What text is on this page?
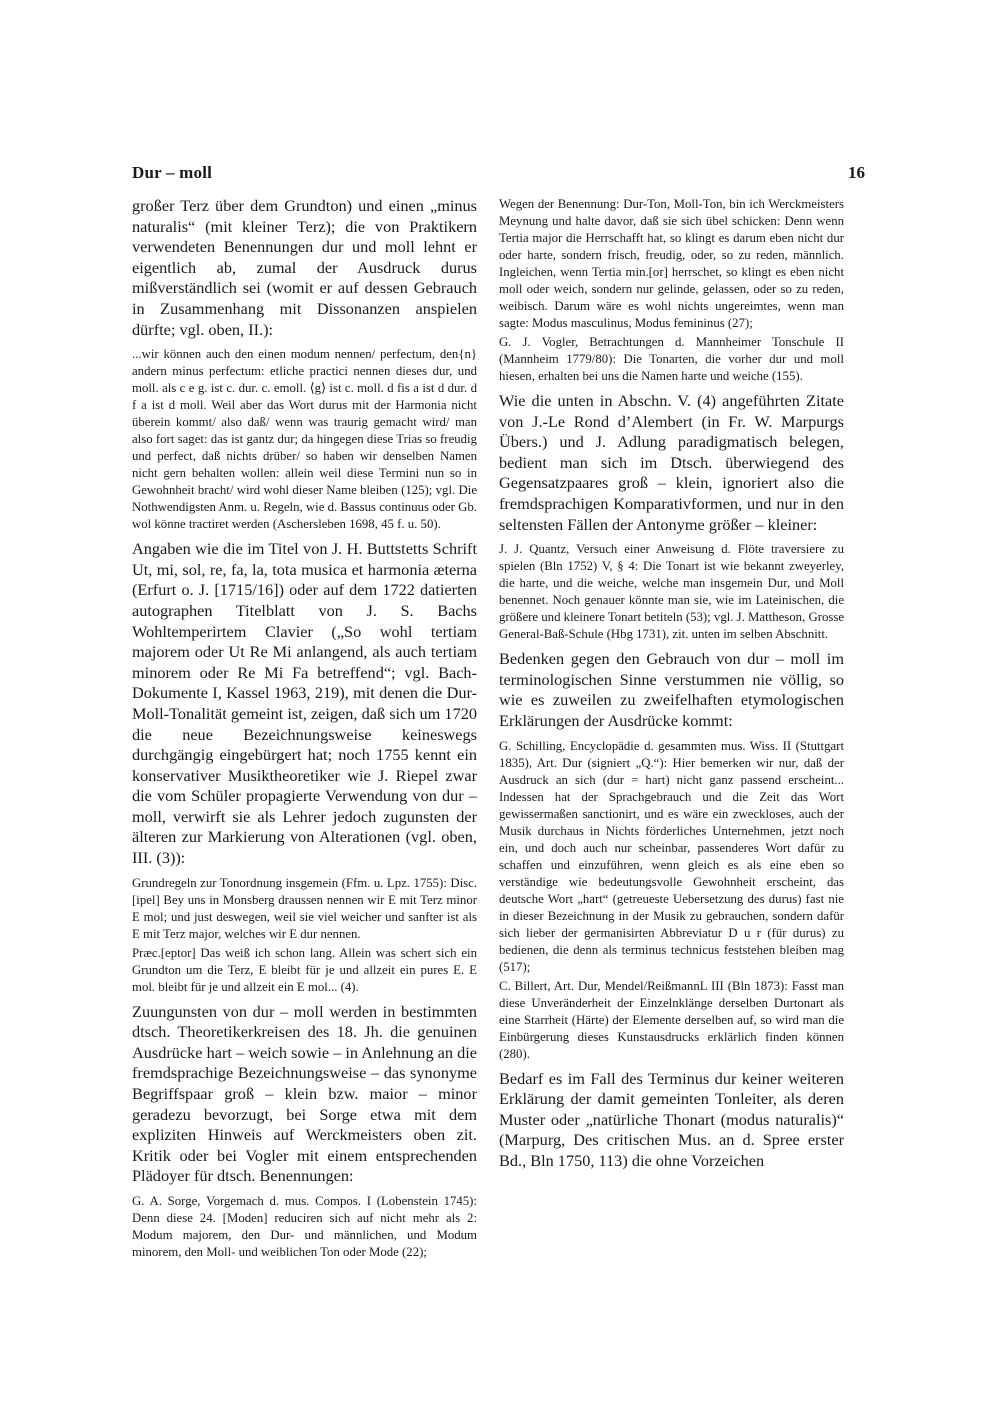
Dur – moll	16

großer Terz über dem Grundton) und einen „minus naturalis“ (mit kleiner Terz); die von Praktikern verwendeten Benennungen dur und moll lehnt er eigentlich ab, zumal der Ausdruck durus mißverständlich sei (womit er auf dessen Gebrauch in Zusammenhang mit Dissonanzen anspielen dürfte; vgl. oben, II.):

...wir können auch den einen modum nennen/ perfectum, den{n} andern minus perfectum: etliche practici nennen dieses dur, und moll. als c e g. ist c. dur. c. emoll. ⟨g⟩ ist c. moll. d fis a ist d dur. d f a ist d moll. Weil aber das Wort durus mit der Harmonia nicht überein kommt/ also daß/ wenn was traurig gemacht wird/ man also fort saget: das ist gantz dur; da hingegen diese Trias so freudig und perfect, daß nichts drüber/ so haben wir denselben Namen nicht gern behalten wollen: allein weil diese Termini nun so in Gewohnheit bracht/ wird wohl dieser Name bleiben (125); vgl. Die Nothwendigsten Anm. u. Regeln, wie d. Bassus continuus oder Gb. wol könne tractiret werden (Aschersleben 1698, 45 f. u. 50).

Angaben wie die im Titel von J. H. Buttstetts Schrift Ut, mi, sol, re, fa, la, tota musica et harmonia æterna (Erfurt o. J. [1715/16]) oder auf dem 1722 datierten autographen Titelblatt von J. S. Bachs Wohltemperirtem Clavier („So wohl tertiam majorem oder Ut Re Mi anlangend, als auch tertiam minorem oder Re Mi Fa betreffend“; vgl. Bach-Dokumente I, Kassel 1963, 219), mit denen die Dur-Moll-Tonalität gemeint ist, zeigen, daß sich um 1720 die neue Bezeichnungsweise keineswegs durchgängig eingebürgert hat; noch 1755 kennt ein konservativer Musiktheoretiker wie J. Riepel zwar die vom Schüler propagierte Verwendung von dur – moll, verwirft sie als Lehrer jedoch zugunsten der älteren zur Markierung von Alterationen (vgl. oben, III. (3)):

Grundregeln zur Tonordnung insgemein (Ffm. u. Lpz. 1755): Disc.[ipel] Bey uns in Monsberg draussen nennen wir E mit Terz minor E mol; und just deswegen, weil sie viel weicher und sanfter ist als E mit Terz major, welches wir E dur nennen.

Præc.[eptor] Das weiß ich schon lang. Allein was schert sich ein Grundton um die Terz, E bleibt für je und allzeit ein pures E. E mol. bleibt für je und allzeit ein E mol... (4).

Zuungunsten von dur – moll werden in bestimmten dtsch. Theoretikerkreisen des 18. Jh. die genuinen Ausdrücke hart – weich sowie – in Anlehnung an die fremdsprachige Bezeichnungsweise – das synonyme Begriffspaar groß – klein bzw. maior – minor geradezu bevorzugt, bei Sorge etwa mit dem expliziten Hinweis auf Werckmeisters oben zit. Kritik oder bei Vogler mit einem entsprechenden Plädoyer für dtsch. Benennungen:

G. A. Sorge, Vorgemach d. mus. Compos. I (Lobenstein 1745): Denn diese 24. [Moden] reduciren sich auf nicht mehr als 2: Modum majorem, den Dur- und männlichen, und Modum minorem, den Moll- und weiblichen Ton oder Mode (22);

Wegen der Benennung: Dur-Ton, Moll-Ton, bin ich Werckmeisters Meynung und halte davor, daß sie sich übel schicken: Denn wenn Tertia major die Herrschafft hat, so klingt es darum eben nicht dur oder harte, sondern frisch, freudig, oder, so zu reden, männlich. Ingleichen, wenn Tertia min.[or] herrschet, so klingt es eben nicht moll oder weich, sondern nur gelinde, gelassen, oder so zu reden, weibisch. Darum wäre es wohl nichts ungereimtes, wenn man sagte: Modus masculinus, Modus femininus (27);

G. J. Vogler, Betrachtungen d. Mannheimer Tonschule II (Mannheim 1779/80): Die Tonarten, die vorher dur und moll hiesen, erhalten bei uns die Namen harte und weiche (155).

Wie die unten in Abschn. V. (4) angeführten Zitate von J.-Le Rond d’Alembert (in Fr. W. Marpurgs Übers.) und J. Adlung paradigmatisch belegen, bedient man sich im Dtsch. überwiegend des Gegensatzpaares groß – klein, ignoriert also die fremdsprachigen Komparativformen, und nur in den seltensten Fällen der Antonyme größer – kleiner:

J. J. Quantz, Versuch einer Anweisung d. Flöte traversiere zu spielen (Bln 1752) V, § 4: Die Tonart ist wie bekannt zweyerley, die harte, und die weiche, welche man insgemein Dur, und Moll benennet. Noch genauer könnte man sie, wie im Lateinischen, die größere und kleinere Tonart betiteln (53); vgl. J. Mattheson, Grosse General-Baß-Schule (Hbg 1731), zit. unten im selben Abschnitt.

Bedenken gegen den Gebrauch von dur – moll im terminologischen Sinne verstummen nie völlig, so wie es zuweilen zu zweifelhaften etymologischen Erklärungen der Ausdrücke kommt:

G. Schilling, Encyclopädie d. gesammten mus. Wiss. II (Stuttgart 1835), Art. Dur (signiert „Q.“): Hier bemerken wir nur, daß der Ausdruck an sich (dur = hart) nicht ganz passend erscheint... Indessen hat der Sprachgebrauch und die Zeit das Wort gewissermaßen sanctionirt, und es wäre ein zweckloses, auch der Musik durchaus in Nichts förderliches Unternehmen, jetzt noch ein, und doch auch nur scheinbar, passenderes Wort dafür zu schaffen und einzuführen, wenn gleich es als eine eben so verständige wie bedeutungsvolle Gewohnheit erscheint, das deutsche Wort „hart“ (getreueste Uebersetzung des durus) fast nie in dieser Bezeichnung in der Musik zu gebrauchen, sondern dafür sich lieber der germanisirten Abbreviatur D u r (für durus) zu bedienen, die denn als terminus technicus feststehen bleiben mag (517);

C. Billert, Art. Dur, Mendel/ReißmannL III (Bln 1873): Fasst man diese Unveränderheit der Einzelnklänge derselben Durtonart als eine Starrheit (Härte) der Elemente derselben auf, so wird man die Einbürgerung dieses Kunstausdrucks erklärlich finden können (280).

Bedarf es im Fall des Terminus dur keiner weiteren Erklärung der damit gemeinten Tonleiter, als deren Muster oder „natürliche Thonart (modus naturalis)“ (Marpurg, Des critischen Mus. an d. Spree erster Bd., Bln 1750, 113) die ohne Vorzeichen
